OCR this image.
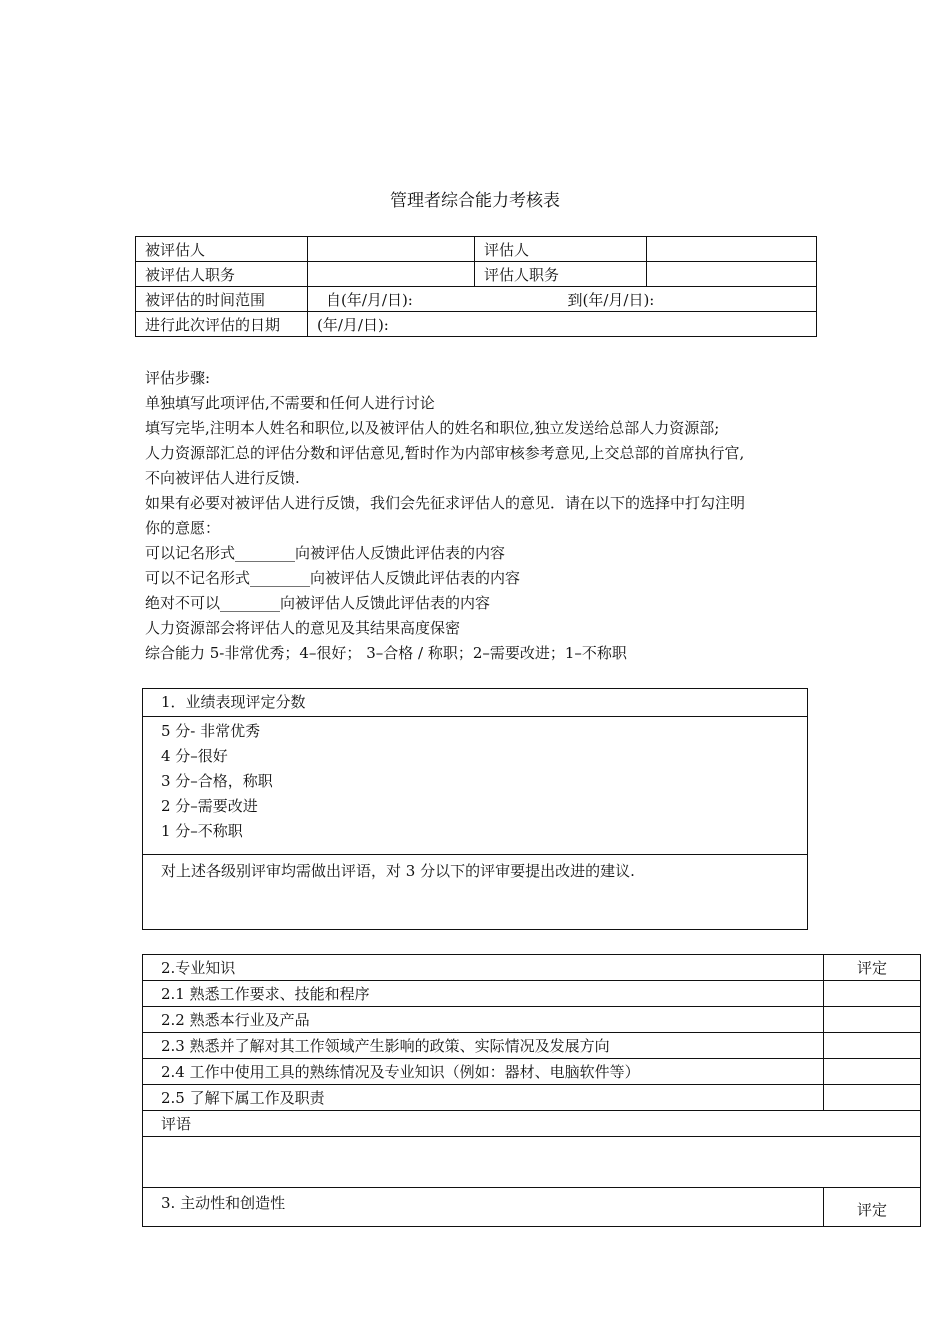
管理者综合能力考核表
被评估人		评估人	
被评估人职务		评估人职务	
被评估的时间范围	自(年/月/日): 到(年/月/日):		

进行此次评估的日期	(年/月/日):		
评估步骤:
单独填写此项评估,不需要和任何人进行讨论
填写完毕,注明本人姓名和职位,以及被评估人的姓名和职位,独立发送给总部人力资源部;
人力资源部汇总的评估分数和评估意见,暂时作为内部审核参考意见,上交总部的首席执行官,
不向被评估人进行反馈.
如果有必要对被评估人进行反馈，我们会先征求评估人的意见．请在以下的选择中打勾注明
你的意愿：
可以记名形式________向被评估人反馈此评估表的内容
可以不记名形式________向被评估人反馈此评估表的内容
绝对不可以________向被评估人反馈此评估表的内容
人力资源部会将评估人的意见及其结果高度保密
综合能力 5-非常优秀；4–很好； 3–合格 / 称职；2–需要改进；1–不称职
1．业绩表现评定分数
5 分- 非常优秀
4 分–很好
3 分–合格，称职
2 分–需要改进
1 分–不称职
对上述各级别评审均需做出评语，对 3 分以下的评审要提出改进的建议.
2.专业知识	评定
2.1 熟悉工作要求、技能和程序	
2.2 熟悉本行业及产品	
2.3 熟悉并了解对其工作领域产生影响的政策、实际情况及发展方向	
2.4 工作中使用工具的熟练情况及专业知识（例如：器材、电脑软件等）	
2.5 了解下属工作及职责	
评语	

3. 主动性和创造性	评定
